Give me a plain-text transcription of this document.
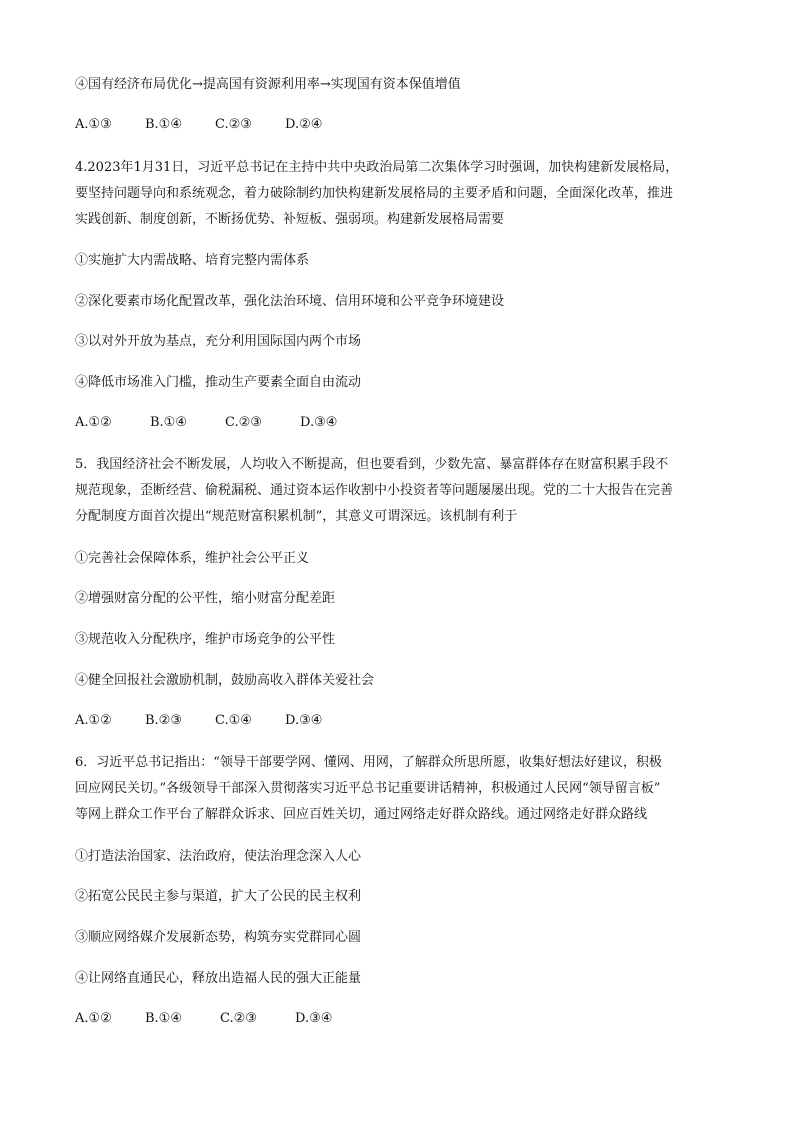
④国有经济布局优化→提高国有资源利用率→实现国有资本保值增值
A.①③	B.①④	C.②③	D.②④
4.2023年1月31日，习近平总书记在主持中共中央政治局第二次集体学习时强调，加快构建新发展格局，
要坚持问题导向和系统观念，着力破除制约加快构建新发展格局的主要矛盾和问题，全面深化改革，推进
实践创新、制度创新，不断扬优势、补短板、强弱项。构建新发展格局需要
①实施扩大内需战略、培育完整内需体系
②深化要素市场化配置改革，强化法治环境、信用环境和公平竞争环境建设
③以对外开放为基点，充分利用国际国内两个市场
④降低市场准入门槛，推动生产要素全面自由流动
A.①②	B.①④	C.②③	D.③④
5．我国经济社会不断发展，人均收入不断提高，但也要看到，少数先富、暴富群体存在财富积累手段不
规范现象，歪断经营、偷税漏税、通过资本运作收割中小投资者等问题屡屡出现。党的二十大报告在完善
分配制度方面首次提出“规范财富积累机制”，其意义可谓深远。该机制有利于
①完善社会保障体系，维护社会公平正义
②增强财富分配的公平性，缩小财富分配差距
③规范收入分配秩序，维护市场竞争的公平性
④健全回报社会激励机制，鼓励高收入群体关爱社会
A.①②	B.②③	C.①④	D.③④
6．习近平总书记指出：“领导干部要学网、懂网、用网，了解群众所思所愿，收集好想法好建议，积极
回应网民关切。”各级领导干部深入贯彻落实习近平总书记重要讲话精神，积极通过人民网“领导留言板”
等网上群众工作平台了解群众诉求、回应百姓关切，通过网络走好群众路线。通过网络走好群众路线
①打造法治国家、法治政府，使法治理念深入人心
②拓宽公民民主参与渠道，扩大了公民的民主权利
③顺应网络媒介发展新态势，构筑夯实党群同心圆
④让网络直通民心，释放出造福人民的强大正能量
A.①②	B.①④	C.②③	D.③④
